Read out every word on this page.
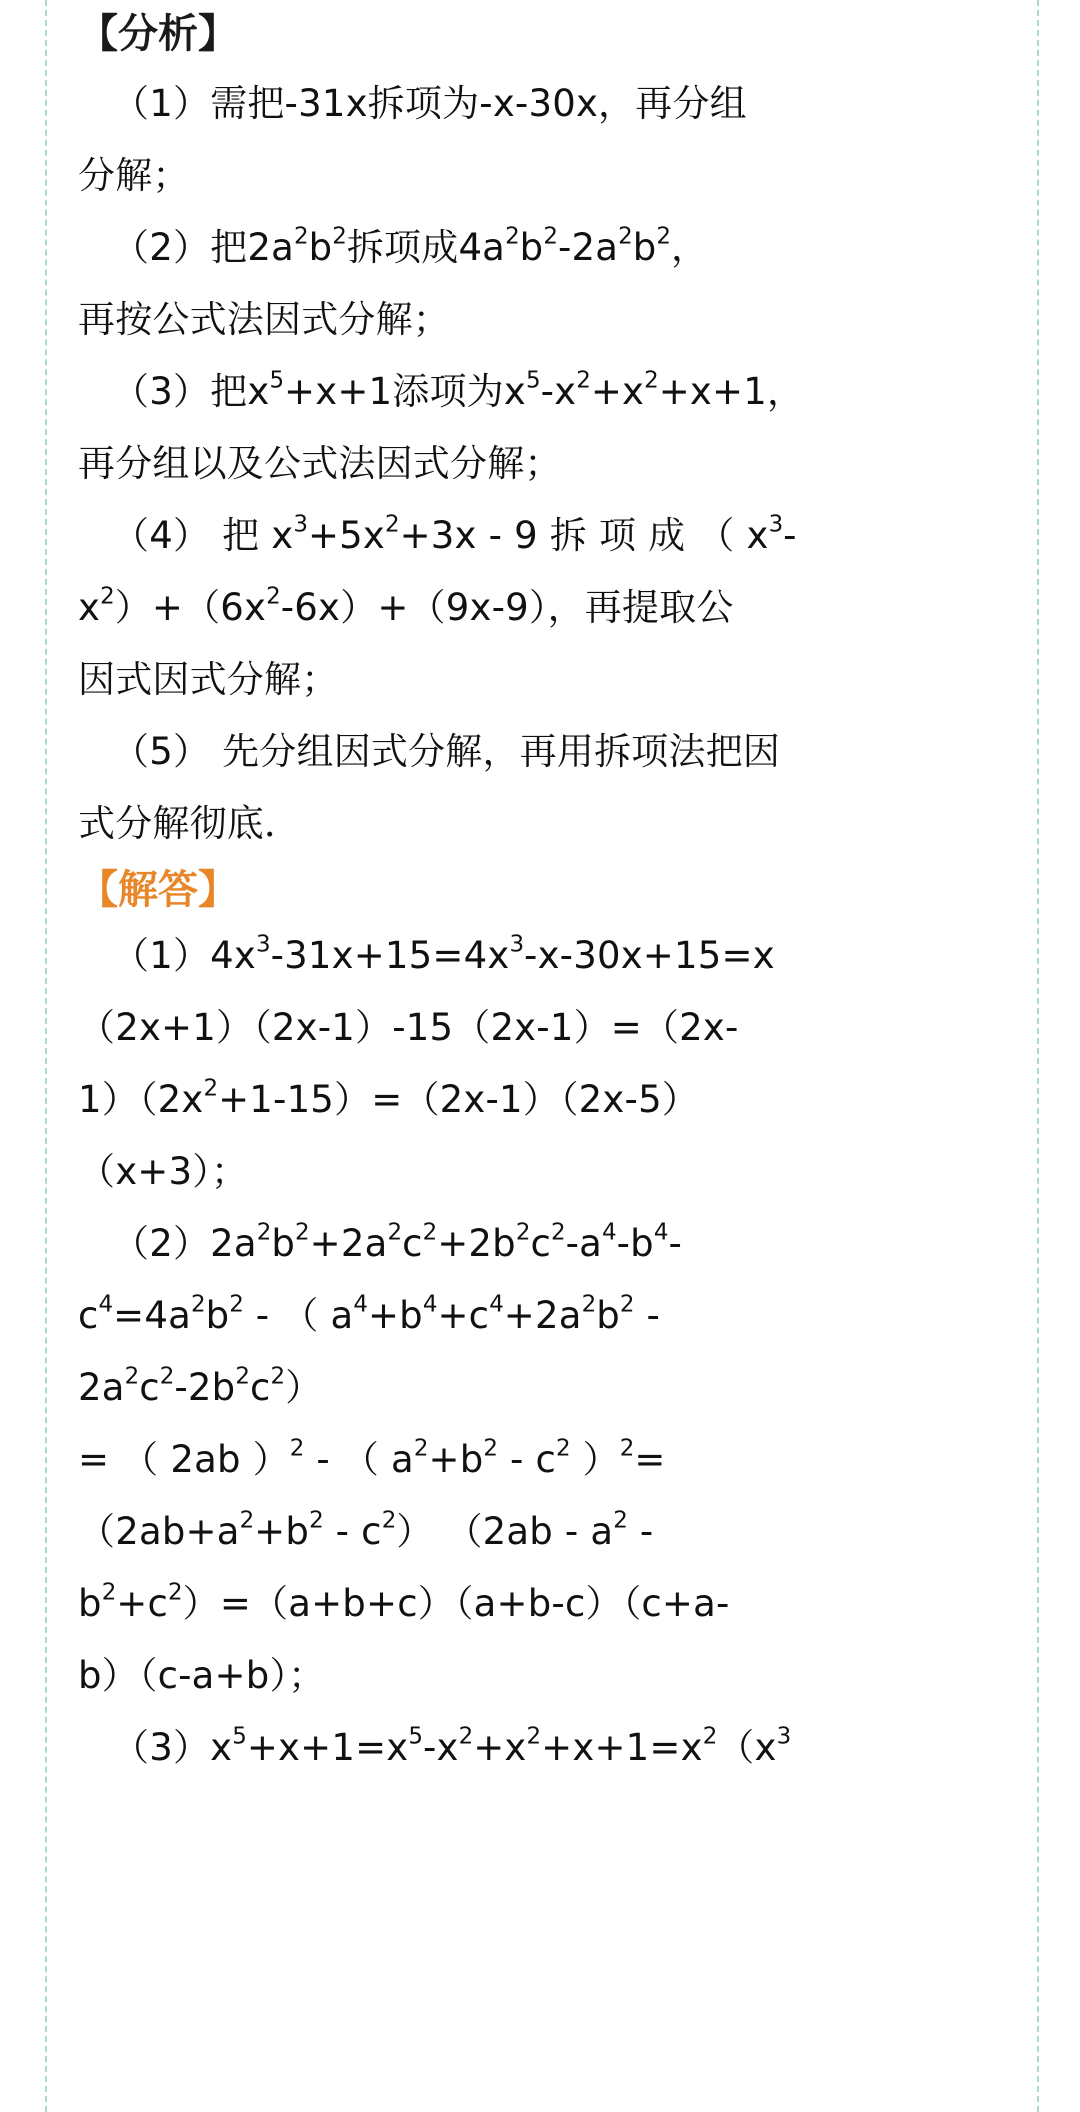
【分析】
（1）需把-31x拆项为-x-30x，再分组
分解；
（2）把$2a^2b^2$拆项成$4a^2b^2-2a^2b^2$，
再按公式法因式分解；
（3）把$x^5+x+1$添项为$x^5-x^2+x^2+x+1$，
再分组以及公式法因式分解；
（4） 把 $x^3+5x^2+3x - 9$ 拆 项 成 （ $x^3-$
$x^2)+(6x^2-6x)+(9x-9)$，再提取公
因式因式分解；
（5） 先分组因式分解，再用拆项法把因
式分解彻底．
【解答】
$(1)4x^3-31x+15=4x^3-x-30x+15=x$
（2x+1）（2x-1）-15（2x-1）=（2x-
$1)(2x^2+1-15)=(2x-1)(2x-5)$
（x+3）；
$(2)2a^2b^2+2a^2c^2+2b^2c^2-a^4-b^4-$
$c^4=4a^2b^2$ - （ $a^4+b^4+c^4+2a^2b^2$ -
$2a^2c^2-2b^2c^2$）
= （ 2ab ）$^2$ - （ $a^2+b^2 - c^2$ ）$^2$=
$(2ab+a^2+b^2 - c^2)$ （$2ab - a^2$ -
$b^2+c^2)=(a+b+c)(a+b-c)(c+a-$
b）（c-a+b）；
$(3)x^5+x+1=x^5-x^2+x^2+x+1=x^2(x^3$
